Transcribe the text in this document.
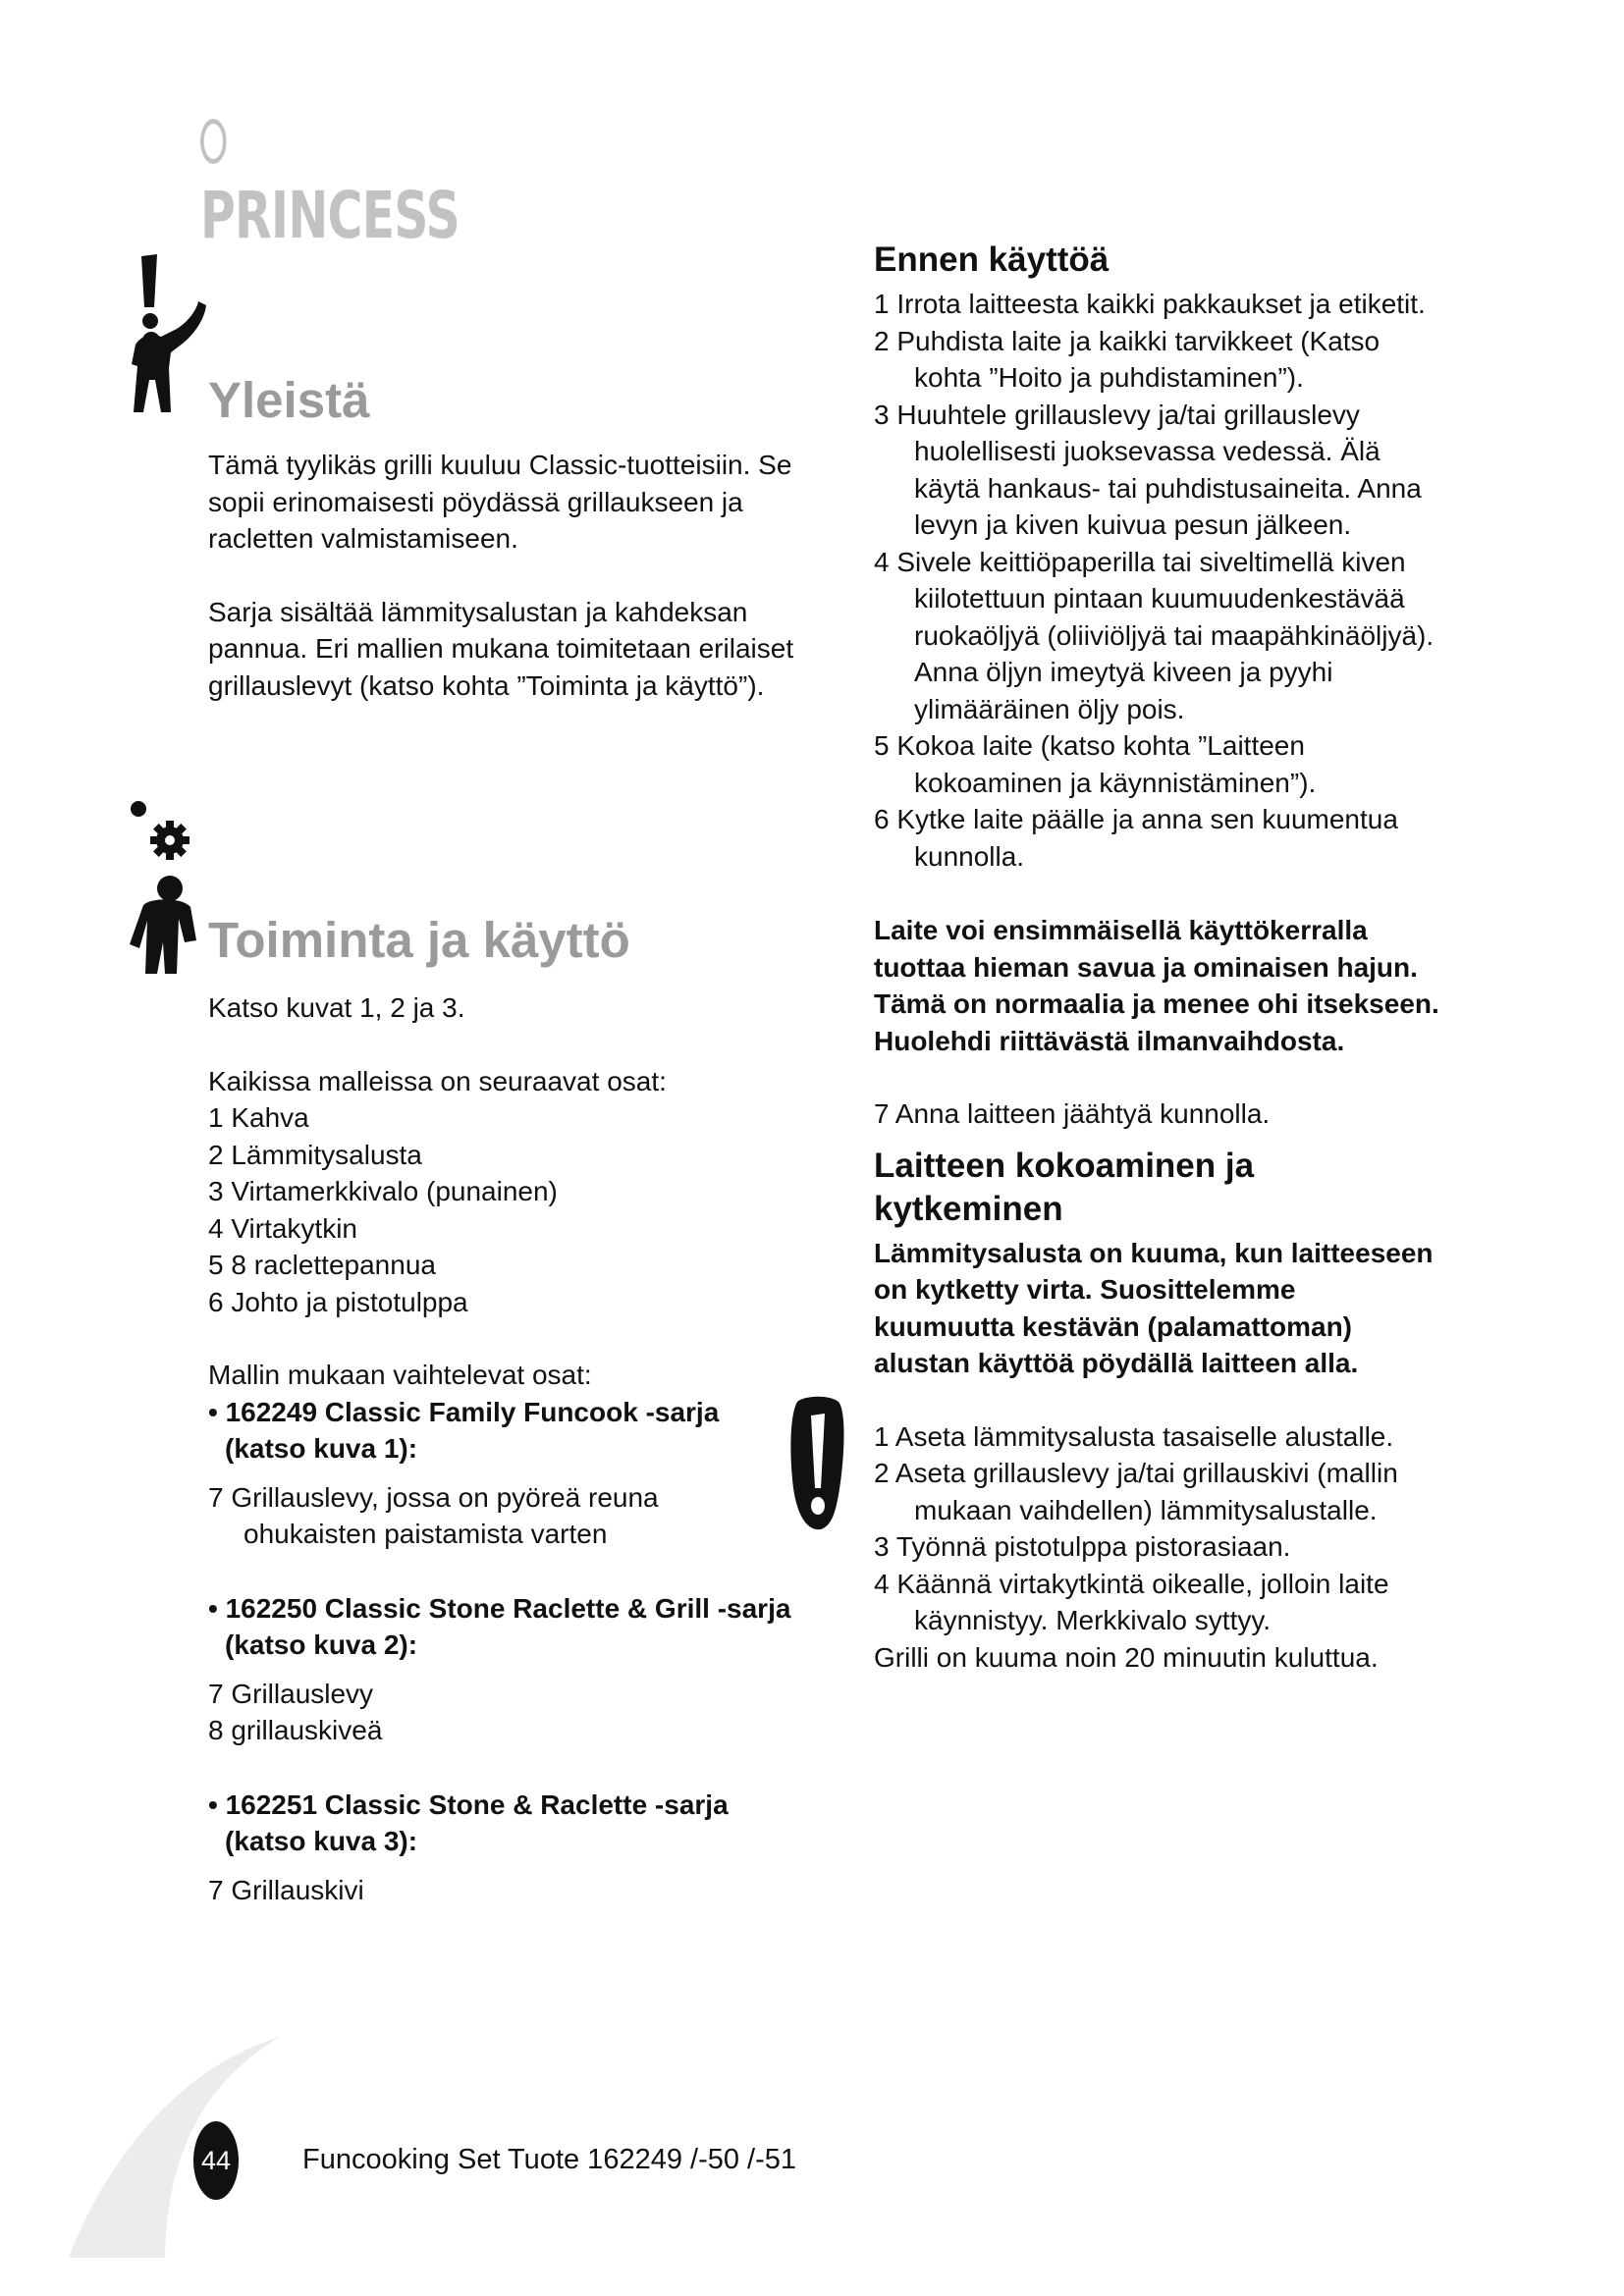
PRINCESS
Yleistä

Tämä tyylikäs grilli kuuluu Classic-tuotteisiin. Se sopii erinomaisesti pöydässä grillaukseen ja racletten valmistamiseen.

Sarja sisältää lämmitysalustan ja kahdeksan pannua. Eri mallien mukana toimitetaan erilaiset grillauslevyt (katso kohta ”Toiminta ja käyttö”).

Toiminta ja käyttö

Katso kuvat 1, 2 ja 3.

Kaikissa malleissa on seuraavat osat:

1 Kahva
2 Lämmitysalusta
3 Virtamerkkivalo (punainen)
4 Virtakytkin
5 8 raclettepannua
6 Johto ja pistotulppa

Mallin mukaan vaihtelevat osat:

• 162249 Classic Family Funcook -sarja (katso kuva 1):

7 Grillauslevy, jossa on pyöreä reuna ohukaisten paistamista varten

• 162250 Classic Stone Raclette & Grill -sarja (katso kuva 2):

7 Grillauslevy

8 grillauskiveä

• 162251 Classic Stone & Raclette -sarja (katso kuva 3):

7 Grillauskivi

Ennen käyttöä
1 Irrota laitteesta kaikki pakkaukset ja etiketit.
2 Puhdista laite ja kaikki tarvikkeet (Katso kohta ”Hoito ja puhdistaminen”).
3 Huuhtele grillauslevy ja/tai grillauslevy huolellisesti juoksevassa vedessä. Älä käytä hankaus- tai puhdistusaineita. Anna levyn ja kiven kuivua pesun jälkeen.
4 Sivele keittiöpaperilla tai siveltimellä kiven kiilotettuun pintaan kuumuudenkestävää ruokaöljyä (oliiviöljyä tai maapähkinäöljyä). Anna öljyn imeytyä kiveen ja pyyhi ylimääräinen öljy pois.
5 Kokoa laite (katso kohta ”Laitteen kokoaminen ja käynnistäminen”).
6 Kytke laite päälle ja anna sen kuumentua kunnolla.

Laite voi ensimmäisellä käyttökerralla tuottaa hieman savua ja ominaisen hajun. Tämä on normaalia ja menee ohi itsekseen. Huolehdi riittävästä ilmanvaihdosta.

7 Anna laitteen jäähtyä kunnolla.

Laitteen kokoaminen ja kytkeminen

Lämmitysalusta on kuuma, kun laitteeseen on kytketty virta. Suosittelemme kuumuutta kestävän (palamattoman) alustan käyttöä pöydällä laitteen alla.

1 Aseta lämmitysalusta tasaiselle alustalle.
2 Aseta grillauslevy ja/tai grillauskivi (mallin mukaan vaihdellen) lämmitysalustalle.
3 Työnnä pistotulppa pistorasiaan.
4 Käännä virtakytkintä oikealle, jolloin laite käynnistyy. Merkkivalo syttyy.

Grilli on kuuma noin 20 minuutin kuluttua.

44	Funcooking Set Tuote 162249 /-50 /-51
